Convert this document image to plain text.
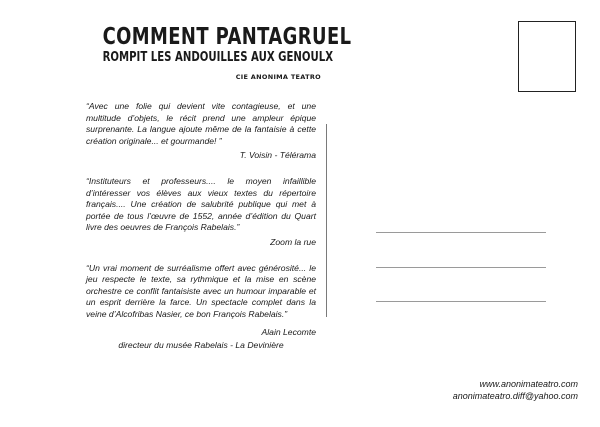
COMMENT PANTAGRUEL
ROMPIT LES ANDOUILLES AUX GENOULX
CIE ANONIMA TEATRO
“Avec une folie qui devient vite contagieuse, et une multitude d’objets, le récit prend une ampleur épique surprenante. La langue ajoute même de la fantaisie à cette création originale... et gourmande! ”
T. Voisin - Télérama
“Instituteurs et professeurs.... le moyen infaillible d’intéresser vos élèves aux vieux textes du répertoire français.... Une création de salubrité publique qui met à portée de tous l’œuvre de 1552, année d’édition du Quart livre des oeuvres de François Rabelais.”
Zoom la rue
“Un vrai moment de surréalisme offert avec générosité... le jeu respecte le texte, sa rythmique et la mise en scène orchestre ce conflit fantaisiste avec un humour imparable et un esprit derrière la farce. Un spectacle complet dans la veine d’Alcofribas Nasier, ce bon François Rabelais.”
Alain Lecomte
directeur du musée Rabelais - La Devinière
www.anonimateatro.com
anonimateatro.diff@yahoo.com
